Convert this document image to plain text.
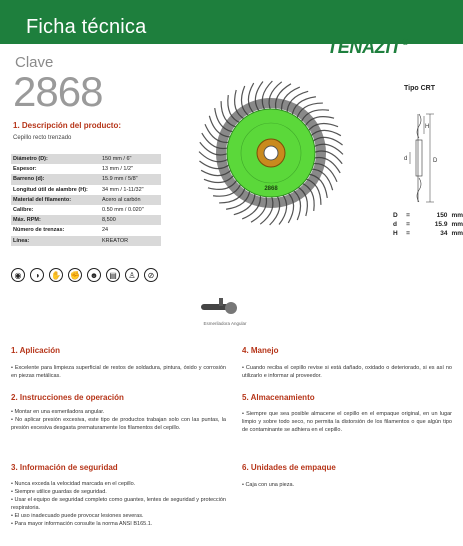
Ficha técnica
TENAZIT®
Clave
2868
1. Descripción del producto:
Cepillo recto trenzado
Diámetro (D):	150 mm / 6"
Espesor:	13 mm / 1/2"
Barreno (d):	15.9 mm / 5/8"
Longitud útil de alambre (H):	34 mm / 1-11/32"
Material del filamento:	Acero al carbón
Calibre:	0.50 mm / 0.020"
Máx. RPM:	8,500
Número de trenzas:	24
Línea:	KREATOR
◉	◑	✋ ✊	☻	▤	♙	⊘
2868
Tipo CRT
D
H
d
D	=	150 mm
d	=	15.9 mm
H	=	34 mm
Esmeriladora Angular
1. Aplicación

• Excelente para limpieza superficial de restos de soldadura, pintura, óxido y corrosión en piezas metálicas.

2. Instrucciones de operación

• Montar en una esmeriladora angular.

• No aplicar presión excesiva, este tipo de productos trabajan solo con las puntas, la presión excesiva desgasta prematuramente los filamentos del cepillo.

3. Información de seguridad

• Nunca exceda la velocidad marcada en el cepillo.

• Siempre utilice guardas de seguridad.

• Usar el equipo de seguridad completo como guantes, lentes de seguridad y protección respiratoria.

• El uso inadecuado puede provocar lesiones severas.

• Para mayor información consulte la norma ANSI B165.1.

4. Manejo

• Cuando reciba el cepillo revise si está dañado, oxidado o deteriorado, si es así no utilizarlo e informar al proveedor.

5. Almacenamiento

• Siempre que sea posible almacene el cepillo en el empaque original, en un lugar limpio y sobre todo seco, no permita la distorsión de los filamentos o que algún tipo de contaminante se adhiera en el cepillo.

6. Unidades de empaque

• Caja con una pieza.
